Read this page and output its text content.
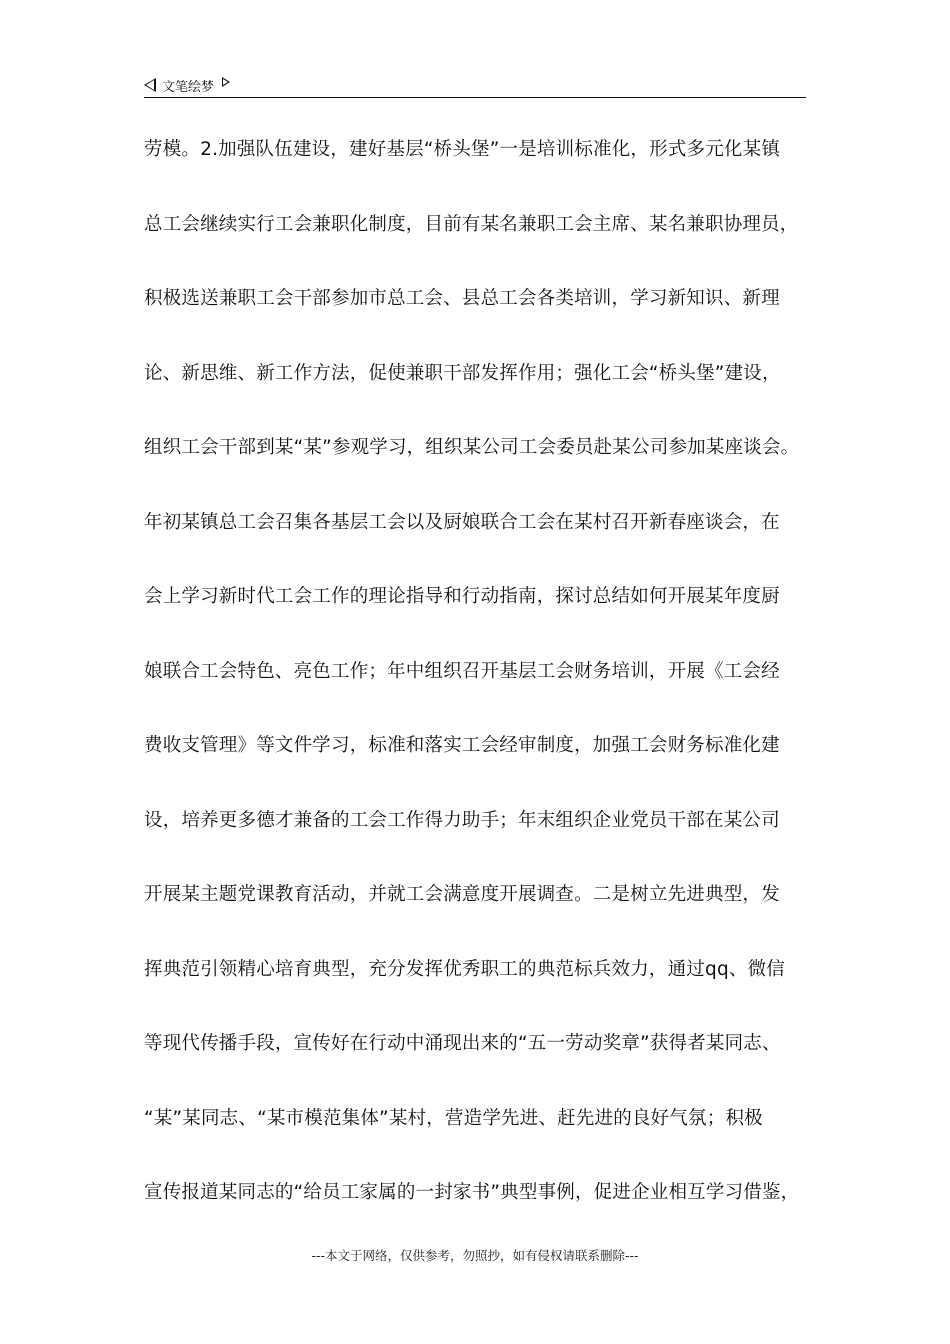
文笔绘梦
劳模。2.加强队伍建设，建好基层“桥头堡”一是培训标准化，形式多元化某镇
总工会继续实行工会兼职化制度，目前有某名兼职工会主席、某名兼职协理员，
积极选送兼职工会干部参加市总工会、县总工会各类培训，学习新知识、新理
论、新思维、新工作方法，促使兼职干部发挥作用；强化工会“桥头堡”建设，
组织工会干部到某“某”参观学习，组织某公司工会委员赴某公司参加某座谈会。
年初某镇总工会召集各基层工会以及厨娘联合工会在某村召开新春座谈会，在
会上学习新时代工会工作的理论指导和行动指南，探讨总结如何开展某年度厨
娘联合工会特色、亮色工作；年中组织召开基层工会财务培训，开展《工会经
费收支管理》等文件学习，标准和落实工会经审制度，加强工会财务标准化建
设，培养更多德才兼备的工会工作得力助手；年末组织企业党员干部在某公司
开展某主题党课教育活动，并就工会满意度开展调查。二是树立先进典型，发
挥典范引领精心培育典型，充分发挥优秀职工的典范标兵效力，通过qq、微信
等现代传播手段，宣传好在行动中涌现出来的“五一劳动奖章”获得者某同志、
“某”某同志、“某市模范集体”某村，营造学先进、赶先进的良好气氛；积极
宣传报道某同志的“给员工家属的一封家书”典型事例，促进企业相互学习借鉴，
---本文于网络，仅供参考，勿照抄，如有侵权请联系删除---
